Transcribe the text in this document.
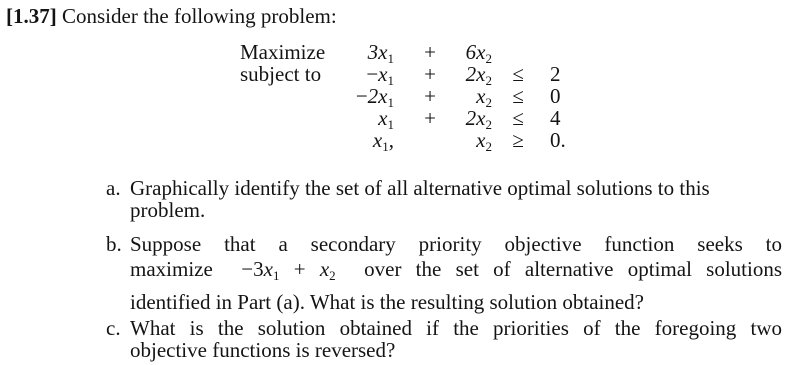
[1.37] Consider the following problem:
Maximize
subject to
$3x_1$ +	$6x_2$
$-x_1$ +	$2x_2 \le 2$
$-2x_1$ +	$x_2 \le 0$
$x_1$ +	$2x_2 \le 4$
$x_1$,	$x_2 \ge 0$.
a. Graphically identify the set of all alternative optimal solutions to this
problem.
b. Suppose that a secondary priority objective function seeks to
maximize  $-3x_1 + x_2$  over the set of alternative optimal solutions
identified in Part (a). What is the resulting solution obtained?
c. What is the solution obtained if the priorities of the foregoing two
objective functions is reversed?
